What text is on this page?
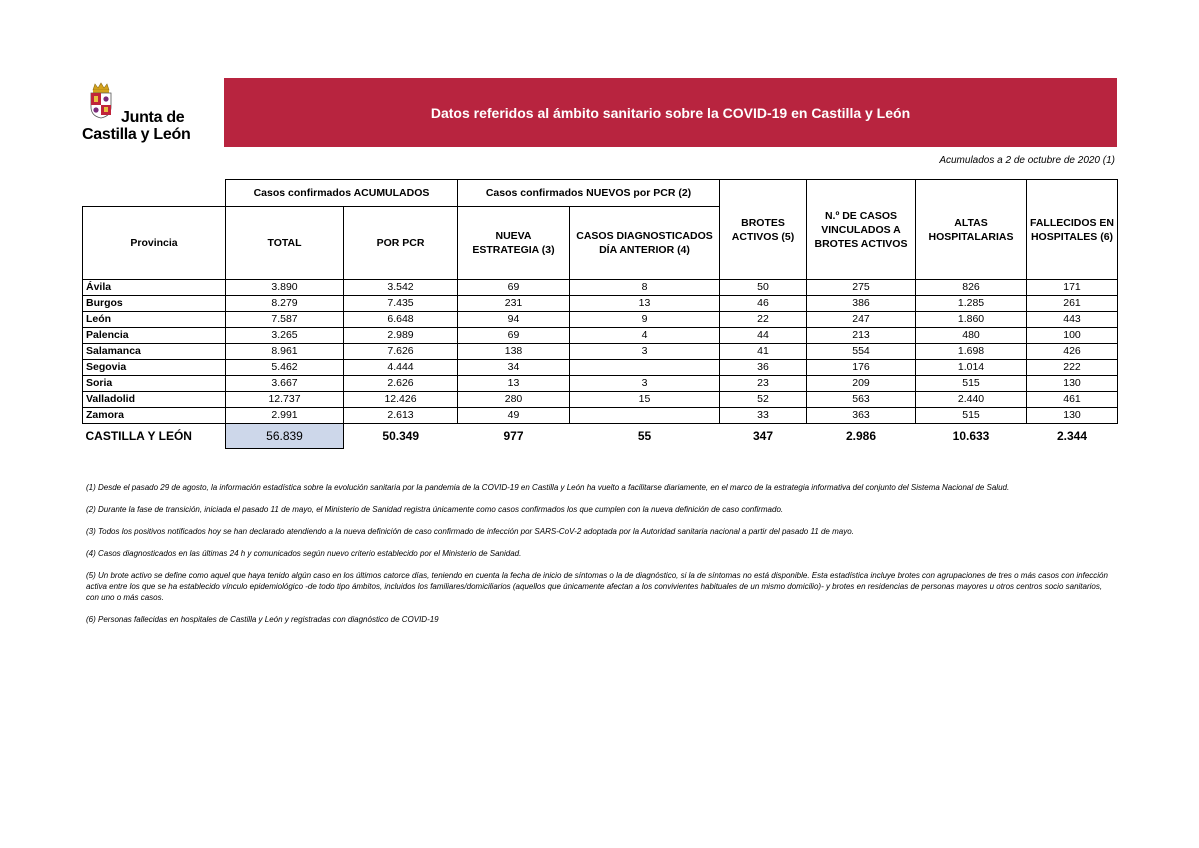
Junta de
Castilla y León
Datos referidos al ámbito sanitario sobre la COVID-19 en Castilla y León
Acumulados a 2 de octubre de 2020 (1)
	Casos confirmados ACUMULADOS		Casos confirmados NUEVOS por PCR (2)		BROTES ACTIVOS (5)	N.º DE CASOS VINCULADOS A BROTES ACTIVOS	ALTAS HOSPITALARIAS	FALLECIDOS EN HOSPITALES (6)
Provincia	TOTAL	POR PCR	NUEVA ESTRATEGIA (3)	CASOS DIAGNOSTICADOS DÍA ANTERIOR (4)				
Ávila	3.890	3.542	69	8	50	275	826	171
Burgos	8.279	7.435	231	13	46	386	1.285	261
León	7.587	6.648	94	9	22	247	1.860	443
Palencia	3.265	2.989	69	4	44	213	480	100
Salamanca	8.961	7.626	138	3	41	554	1.698	426
Segovia	5.462	4.444	34		36	176	1.014	222
Soria	3.667	2.626	13	3	23	209	515	130
Valladolid	12.737	12.426	280	15	52	563	2.440	461
Zamora	2.991	2.613	49		33	363	515	130
CASTILLA Y LEÓN	56.839	50.349	977	55	347	2.986	10.633	2.344

(1) Desde el pasado 29 de agosto, la información estadística sobre la evolución sanitaria por la pandemia de la COVID-19 en Castilla y León ha vuelto a facilitarse diariamente, en el marco de la estrategia informativa del conjunto del Sistema Nacional de Salud.

(2) Durante la fase de transición, iniciada el pasado 11 de mayo, el Ministerio de Sanidad registra únicamente como casos confirmados los que cumplen con la nueva definición de caso confirmado.

(3) Todos los positivos notificados hoy se han declarado atendiendo a la nueva definición de caso confirmado de infección por SARS-CoV-2 adoptada por la Autoridad sanitaria nacional a partir del pasado 11 de mayo.

(4) Casos diagnosticados en las últimas 24 h y comunicados según nuevo criterio establecido por el Ministerio de Sanidad.

(5) Un brote activo se define como aquel que haya tenido algún caso en los últimos catorce días, teniendo en cuenta la fecha de inicio de síntomas o la de diagnóstico, si la de síntomas no está disponible. Esta estadística incluye brotes con agrupaciones de tres o más casos con infección activa entre los que se ha establecido vínculo epidemiológico -de todo tipo ámbitos, incluidos los familiares/domiciliarios (aquellos que únicamente afectan a los convivientes habituales de un mismo domicilio)- y brotes en residencias de personas mayores u otros centros socio sanitarios, con uno o más casos.

(6) Personas fallecidas en hospitales de Castilla y León y registradas con diagnóstico de COVID-19
